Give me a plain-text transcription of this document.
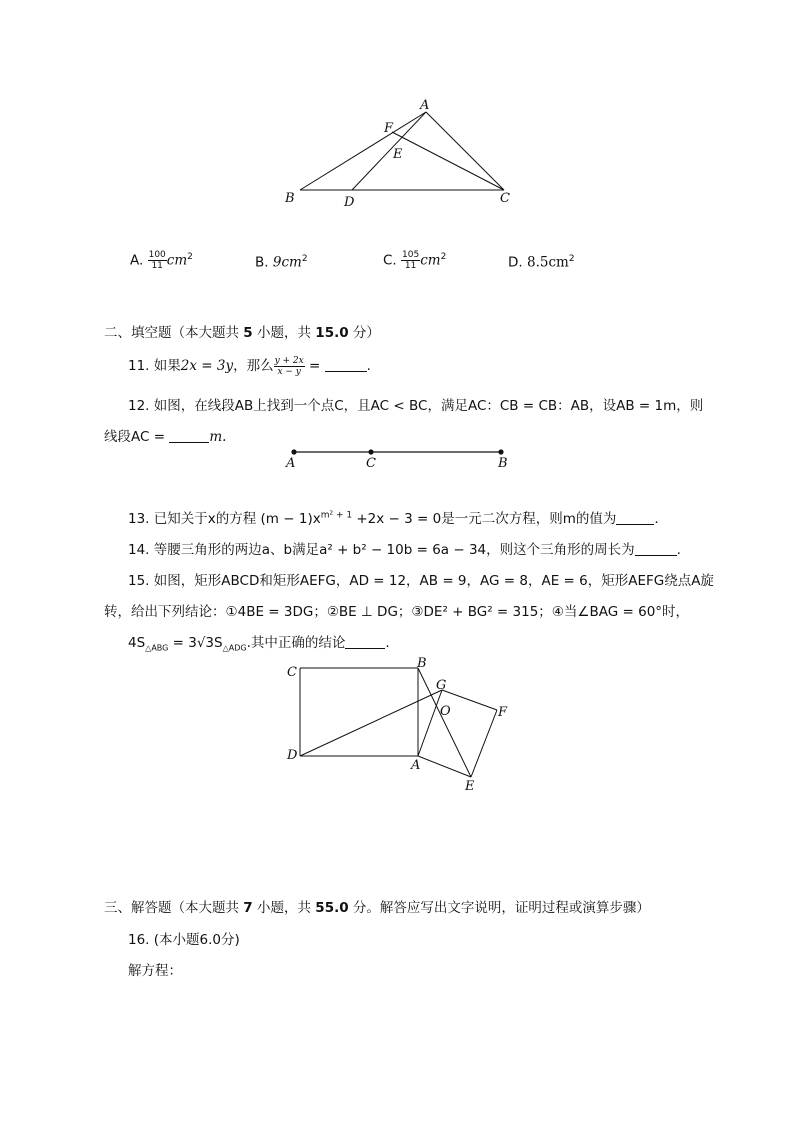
A
F
E
B	D	C
A. $\frac{100}{11} cm^2$	B. $9cm^2$	C. $\frac{105}{11} cm^2$	D. $8.5cm^2$
二、填空题（本大题共 5 小题，共 15.0 分）
11. 如果2x = 3y，那么 $\frac{y + 2x}{x - y}$ =	.
12. 如图，在线段AB上找到一个点C，且AC < BC，满足AC：CB = CB：AB，设AB = 1m，则
线段AC =	m.
A	C	B
13. 已知关于x的方程 $(m - 1)x^{m^2 + 1} +2x - 3 = 0$是一元二次方程，则m的值为	.
14. 等腰三角形的两边a、b满足a² + b² − 10b = 6a − 34，则这个三角形的周长为	.
15. 如图，矩形ABCD和矩形AEFG，AD = 12，AB = 9，AG = 8，AE = 6，矩形AEFG绕点A旋
转，给出下列结论：①4BE = 3DG；②BE ⊥ DG；③DE² + BG² = 315；④当∠BAG = 60°时，
$4S_{\triangle ABG} = 3√3S_{\triangle ADG}$.其中正确的结论	.
C
B
G
O	F
D
A
E
三、解答题（本大题共 7 小题，共 55.0 分。解答应写出文字说明，证明过程或演算步骤）
16. (本小题6.0分)
解方程：
